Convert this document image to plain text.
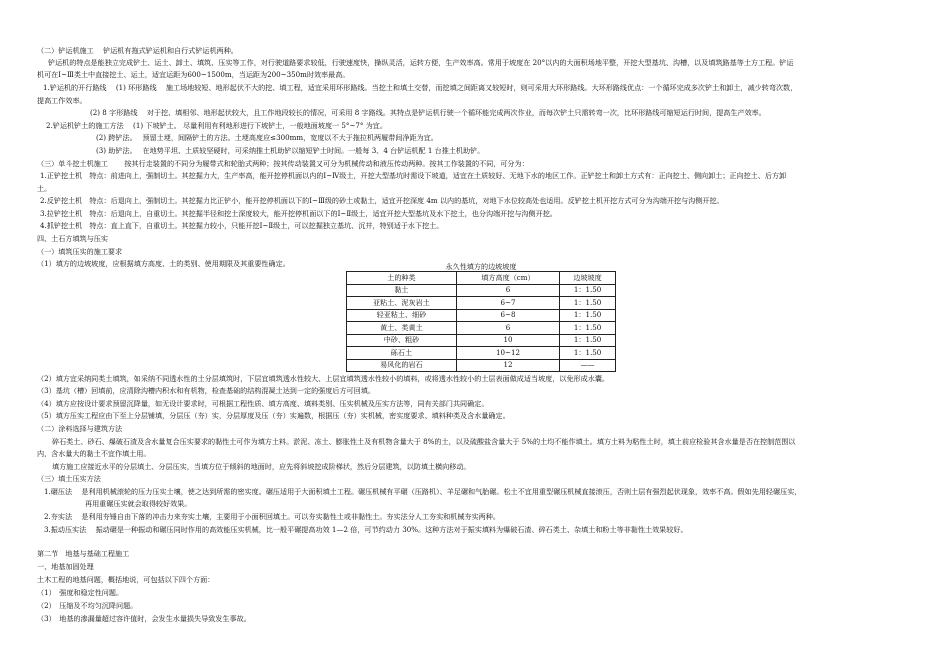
（二）铲运机施工　 铲运机有拖式铲运机和自行式铲运机两种。
铲运机的特点是能独立完成铲土、运土、卸土、填筑、压实等工作，对行驶道路要求较低，行驶速度快，操纵灵活，运转方便，生产效率高。常用于坡度在 20°以内的大面积场地平整，开挖大型基坑、沟槽，以及填筑路基等土方工程。铲运
机可在Ⅰ~Ⅲ类土中直接挖土、运土，适宜运距为600~1500m，当运距为200~350m时效率最高。
1.铲运机的开行路线　 (1) 环形路线　 施工场地较短、地形起伏不大的挖、填工程，适宜采用环形路线。当挖土和填土交替，而挖填之间距离又较短时，则可采用大环形路线。大环形路线优点：一个循环完成多次铲土和卸土，减少转弯次数，
提高工作效率。
(2) 8 字形路线　 对于挖、填相邻、地形起伏较大，且工作地段较长的情况，可采用 8 字路线。其特点是铲运机行驶一个循环能完成两次作业，而每次铲土只需转弯一次，比环形路线可缩短运行时间，提高生产效率。
2.铲运机铲土的施工方法　 (1) 下坡铲土。 尽量利用有利地形进行下坡铲土，一般地面坡度一 5°~7° 为宜。
(2) 跨铲法。　 预留土埂，间隔铲土的方法。土埂高度应≤300mm，宽度以不大于拖拉机两履带间净距为宜。
(3) 助铲法。　 在地势平坦、土质较坚硬时，可采纳推土机助铲以缩短铲土时间。一般每 3、4 台铲运机配 1 台推土机助铲。
（三）单斗挖土机施工　　 按其行走装置的不同分为履带式和轮胎式两种；按其传动装置又可分为机械传动和液压传动两种。按其工作装置的不同，可分为：
1.正铲挖土机　特点：前进向上，强制切土。其挖掘力大，生产率高，能开挖停机面以内的Ⅰ~Ⅳ级土，开挖大型基坑时需设下坡道，适宜在土质较好、无地下水的地区工作。正铲挖土和卸土方式有：正向挖土、侧向卸土；正向挖土、后方卸
土。
2.反铲挖土机　特点：后退向上，强制切土。其挖掘力比正铲小，能开挖停机面以下的Ⅰ~Ⅲ级的砂土或黏土，适宜开挖深度 4m 以内的基坑，对地下水位较高处也适用。反铲挖土机开挖方式可分为沟端开挖与沟侧开挖。
3.拉铲挖土机　特点：后退向上，自重切土。其挖掘半径和挖土深度较大，能开挖停机面以下的Ⅰ~Ⅱ级土，适宜开挖大型基坑及水下挖土，也分沟端开挖与沟侧开挖。
4.抓铲挖土机　特点：直上直下，自重切土。其挖掘力较小，只能开挖Ⅰ~Ⅱ级土，可以挖掘独立基坑、沉井，特别适于水下挖土。
四、土石方填筑与压实
（一）填筑压实的施工要求
（1）填方的边坡坡度，应根据填方高度、土的类别、使用期限及其重要性确定。
（2）填方宜采纳同类土填筑，如采纳不同透水性的土分层填筑时，下层宜填筑透水性较大、上层宜填筑透水性较小的填料，或将透水性较小的土层表面做成适当坡度，以免形成水囊。
（3）基坑（槽）回填前，应清除沟槽内积水和有机物，检查基础的结构混凝土达到一定的强度后方可回填。
（4）填方应按设计要求预留沉降量，如无设计要求时，可根据工程性质、填方高度、填料类别、压实机械及压实方法等，同有关部门共同确定。
（5）填方压实工程应由下至上分层铺填，分层压（夯）实，分层厚度及压（夯）实遍数，根据压（夯）实机械，密实度要求、填料种类及含水量确定。
（二）涂料选择与建筑方法
碎石类土、砂石、爆破石渣及含水量复合压实要求的黏性土可作为填方土料。淤泥、冻土、膨胀性土及有机物含量大于 8%的土，以及硫酸盐含量大于 5%的土均不能作填土。填方土料为粘性土时，填土前应检验其含水量是否在控制范围以
内，含水量大的黏土不宜作填土用。
填方施工应接近水平的分层填土、分层压实，当填方位于倾斜的地面时，应先将斜坡挖成阶梯状，然后分层建筑，以防填土横向移动。
（三）填土压实方法
1.碾压法　 是利用机械滚轮的压力压实土壤，使之达到所需的密实度。碾压适用于大面积填土工程。碾压机械有平碾（压路机）、羊足碾和气胎碾。松土不宜用重型碾压机械直接滚压，否则土层有强烈起伏现象，效率不高。假如先用轻碾压实，
再用重碾压实就会取得较好效果。
2.夯实法　 是利用夯锤自由下落的冲击力来夯实土壤，主要用于小面积回填土。可以夯实黏性土或非黏性土。夯实法分人工夯实和机械夯实两种。
3.振动压实法　 振动碾是一种振动和碾压同时作用的高效能压实机械，比一般平碾提高功效 1—2 倍，可节约动力 30%。这种方法对于振实填料为爆破石渣、碎石类土、杂填土和粉土等非黏性土效果较好。
第二节　地基与基础工程施工
一、地基加固处理
土木工程的地基问题，概括地说，可包括以下四个方面：
（1）　强度和稳定性问题。
（2）　压缩及不均匀沉降问题。
（3）　地基的渗漏量超过容许值时，会发生水量损失导致发生事故。
永久性填方的边坡坡度
土的种类	填方高度（cm）	边坡坡度
黏土	6	1：1.50
亚粘土、泥灰岩土	6~7	1：1.50
轻亚粘土、细砂	6~8	1：1.50
黄土、类黄土	6	1：1.50
中砂、粗砂	10	1：1.50
砾石土	10~12	1：1.50
易风化的岩石	12	——
